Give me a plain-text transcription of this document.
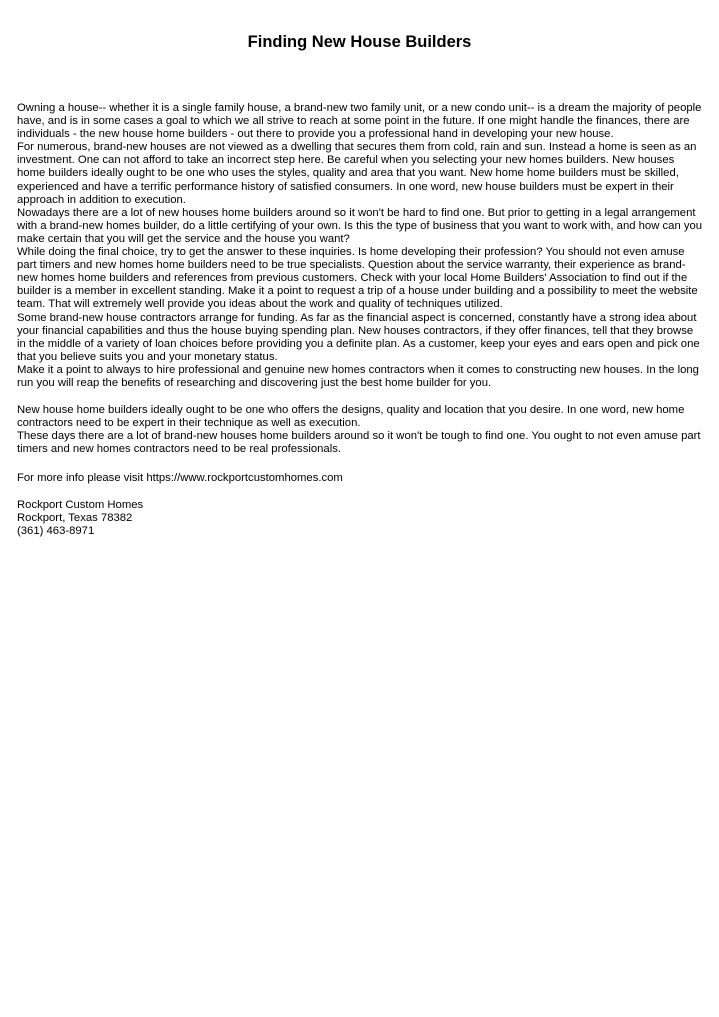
Finding New House Builders

Owning a house-- whether it is a single family house, a brand-new two family unit, or a new condo unit-- is a dream the majority of people have, and is in some cases a goal to which we all strive to reach at some point in the future. If one might handle the finances, there are individuals - the new house home builders - out there to provide you a professional hand in developing your new house.

For numerous, brand-new houses are not viewed as a dwelling that secures them from cold, rain and sun. Instead a home is seen as an investment. One can not afford to take an incorrect step here. Be careful when you selecting your new homes builders. New houses home builders ideally ought to be one who uses the styles, quality and area that you want. New home home builders must be skilled, experienced and have a terrific performance history of satisfied consumers. In one word, new house builders must be expert in their approach in addition to execution.

Nowadays there are a lot of new houses home builders around so it won't be hard to find one. But prior to getting in a legal arrangement with a brand-new homes builder, do a little certifying of your own. Is this the type of business that you want to work with, and how can you make certain that you will get the service and the house you want?

While doing the final choice, try to get the answer to these inquiries. Is home developing their profession? You should not even amuse part timers and new homes home builders need to be true specialists. Question about the service warranty, their experience as brand-new homes home builders and references from previous customers. Check with your local Home Builders' Association to find out if the builder is a member in excellent standing. Make it a point to request a trip of a house under building and a possibility to meet the website team. That will extremely well provide you ideas about the work and quality of techniques utilized.

Some brand-new house contractors arrange for funding. As far as the financial aspect is concerned, constantly have a strong idea about your financial capabilities and thus the house buying spending plan. New houses contractors, if they offer finances, tell that they browse in the middle of a variety of loan choices before providing you a definite plan. As a customer, keep your eyes and ears open and pick one that you believe suits you and your monetary status.

Make it a point to always to hire professional and genuine new homes contractors when it comes to constructing new houses. In the long run you will reap the benefits of researching and discovering just the best home builder for you.

New house home builders ideally ought to be one who offers the designs, quality and location that you desire. In one word, new home contractors need to be expert in their technique as well as execution.

These days there are a lot of brand-new houses home builders around so it won't be tough to find one. You ought to not even amuse part timers and new homes contractors need to be real professionals.

For more info please visit https://www.rockportcustomhomes.com

Rockport Custom Homes

Rockport, Texas 78382

(361) 463-8971
